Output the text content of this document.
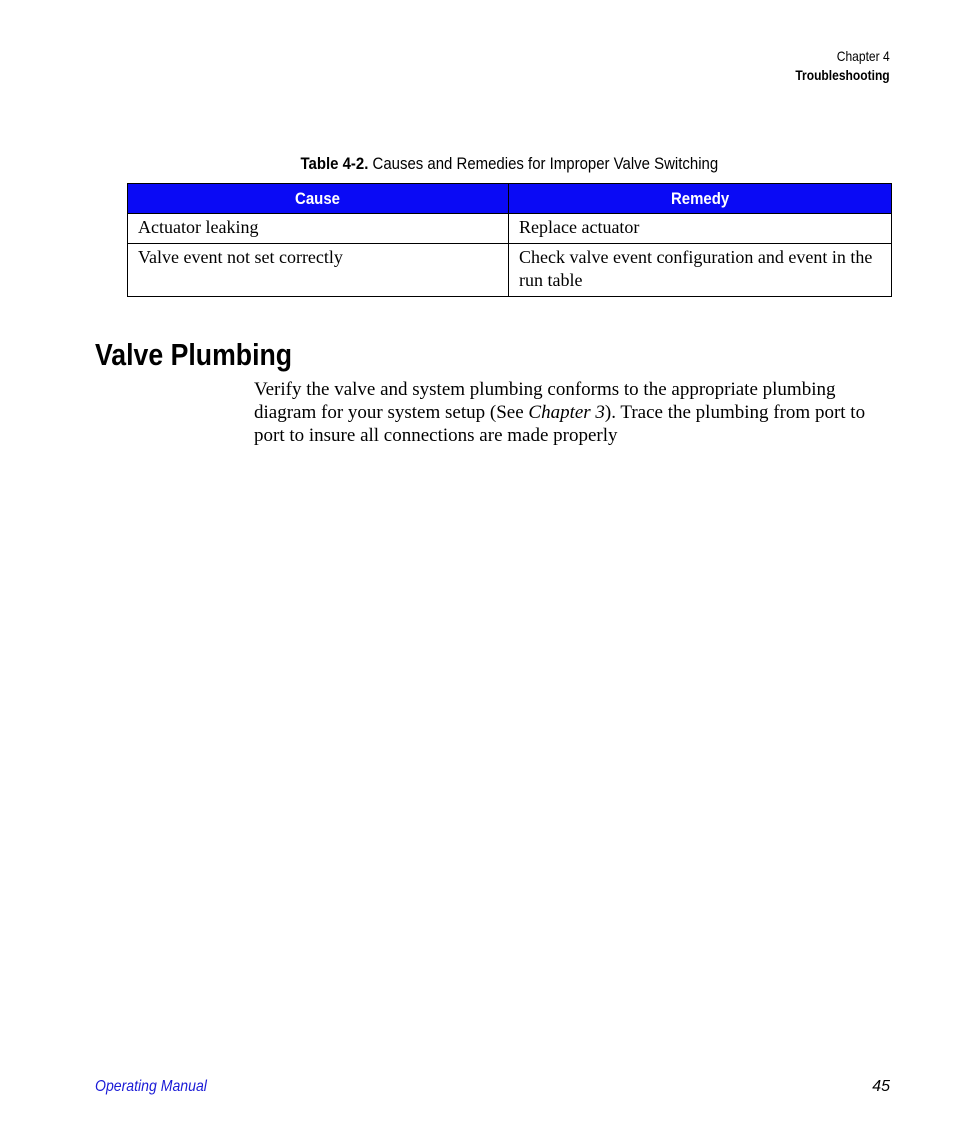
Chapter 4
Troubleshooting
Table 4-2. Causes and Remedies for Improper Valve Switching
Cause	Remedy
Actuator leaking	Replace actuator
Valve event not set correctly	Check valve event configuration and event in the run table
Valve Plumbing

Verify the valve and system plumbing conforms to the appropriate plumbing diagram for your system setup (See Chapter 3). Trace the plumbing from port to port to insure all connections are made properly

Operating Manual	45
